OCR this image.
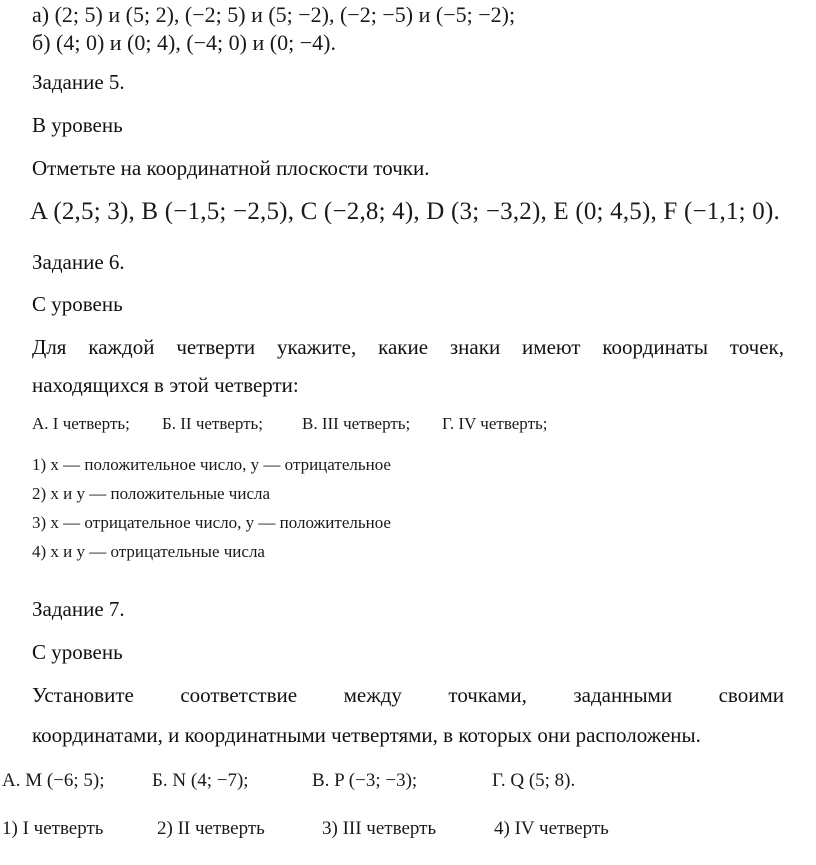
а) (2; 5) и (5; 2), (−2; 5) и (5; −2), (−2; −5) и (−5; −2);
б) (4; 0) и (0; 4), (−4; 0) и (0; −4).
Задание 5.
В уровень
Отметьте на координатной плоскости точки.
A (2,5; 3), B (−1,5; −2,5), C (−2,8; 4), D (3; −3,2), E (0; 4,5), F (−1,1; 0).
Задание 6.
С уровень
Для каждой четверти укажите, какие знаки имеют координаты точек,
находящихся в этой четверти:
А. I четверть;	Б. II четверть;	В. III четверть;	Г. IV четверть;
1) x — положительное число, y — отрицательное
2) x и y — положительные числа
3) x — отрицательное число, y — положительное
4) x и y — отрицательные числа
Задание 7.
С уровень
Установите соответствие между точками, заданными своими
координатами, и координатными четвертями, в которых они расположены.
А. M (−6; 5);	Б. N (4; −7);	В. P (−3; −3);	Г. Q (5; 8).
1) I четверть	2) II четверть	3) III четверть	4) IV четверть
